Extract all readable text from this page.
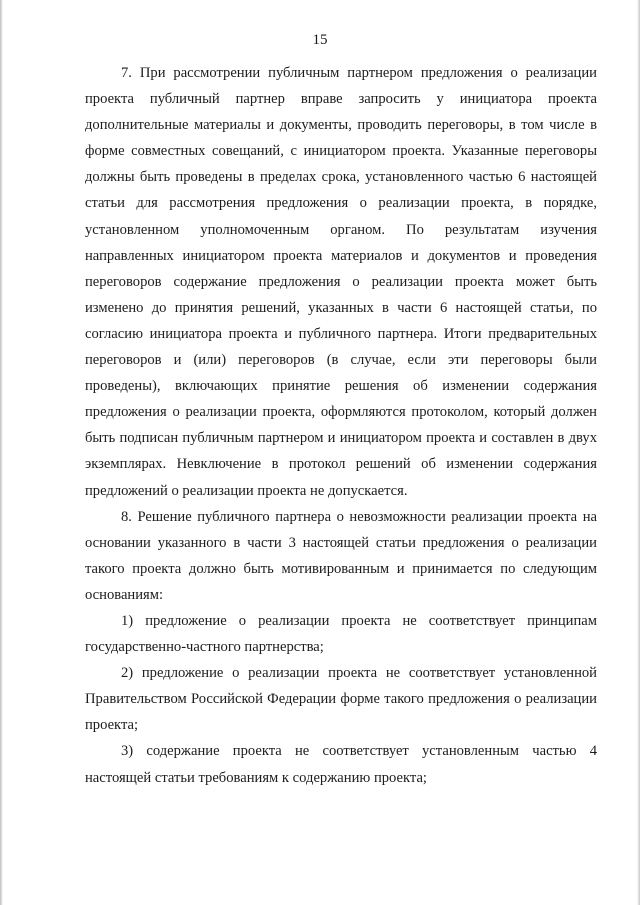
15

7. При рассмотрении публичным партнером предложения о реализации проекта публичный партнер вправе запросить у инициатора проекта дополнительные материалы и документы, проводить переговоры, в том числе в форме совместных совещаний, с инициатором проекта. Указанные переговоры должны быть проведены в пределах срока, установленного частью 6 настоящей статьи для рассмотрения предложения о реализации проекта, в порядке, установленном уполномоченным органом. По результатам изучения направленных инициатором проекта материалов и документов и проведения переговоров содержание предложения о реализации проекта может быть изменено до принятия решений, указанных в части 6 настоящей статьи, по согласию инициатора проекта и публичного партнера. Итоги предварительных переговоров и (или) переговоров (в случае, если эти переговоры были проведены), включающих принятие решения об изменении содержания предложения о реализации проекта, оформляются протоколом, который должен быть подписан публичным партнером и инициатором проекта и составлен в двух экземплярах. Невключение в протокол решений об изменении содержания предложений о реализации проекта не допускается.

8. Решение публичного партнера о невозможности реализации проекта на основании указанного в части 3 настоящей статьи предложения о реализации такого проекта должно быть мотивированным и принимается по следующим основаниям:

1) предложение о реализации проекта не соответствует принципам государственно-частного партнерства;

2) предложение о реализации проекта не соответствует установленной Правительством Российской Федерации форме такого предложения о реализации проекта;

3) содержание проекта не соответствует установленным частью 4 настоящей статьи требованиям к содержанию проекта;
